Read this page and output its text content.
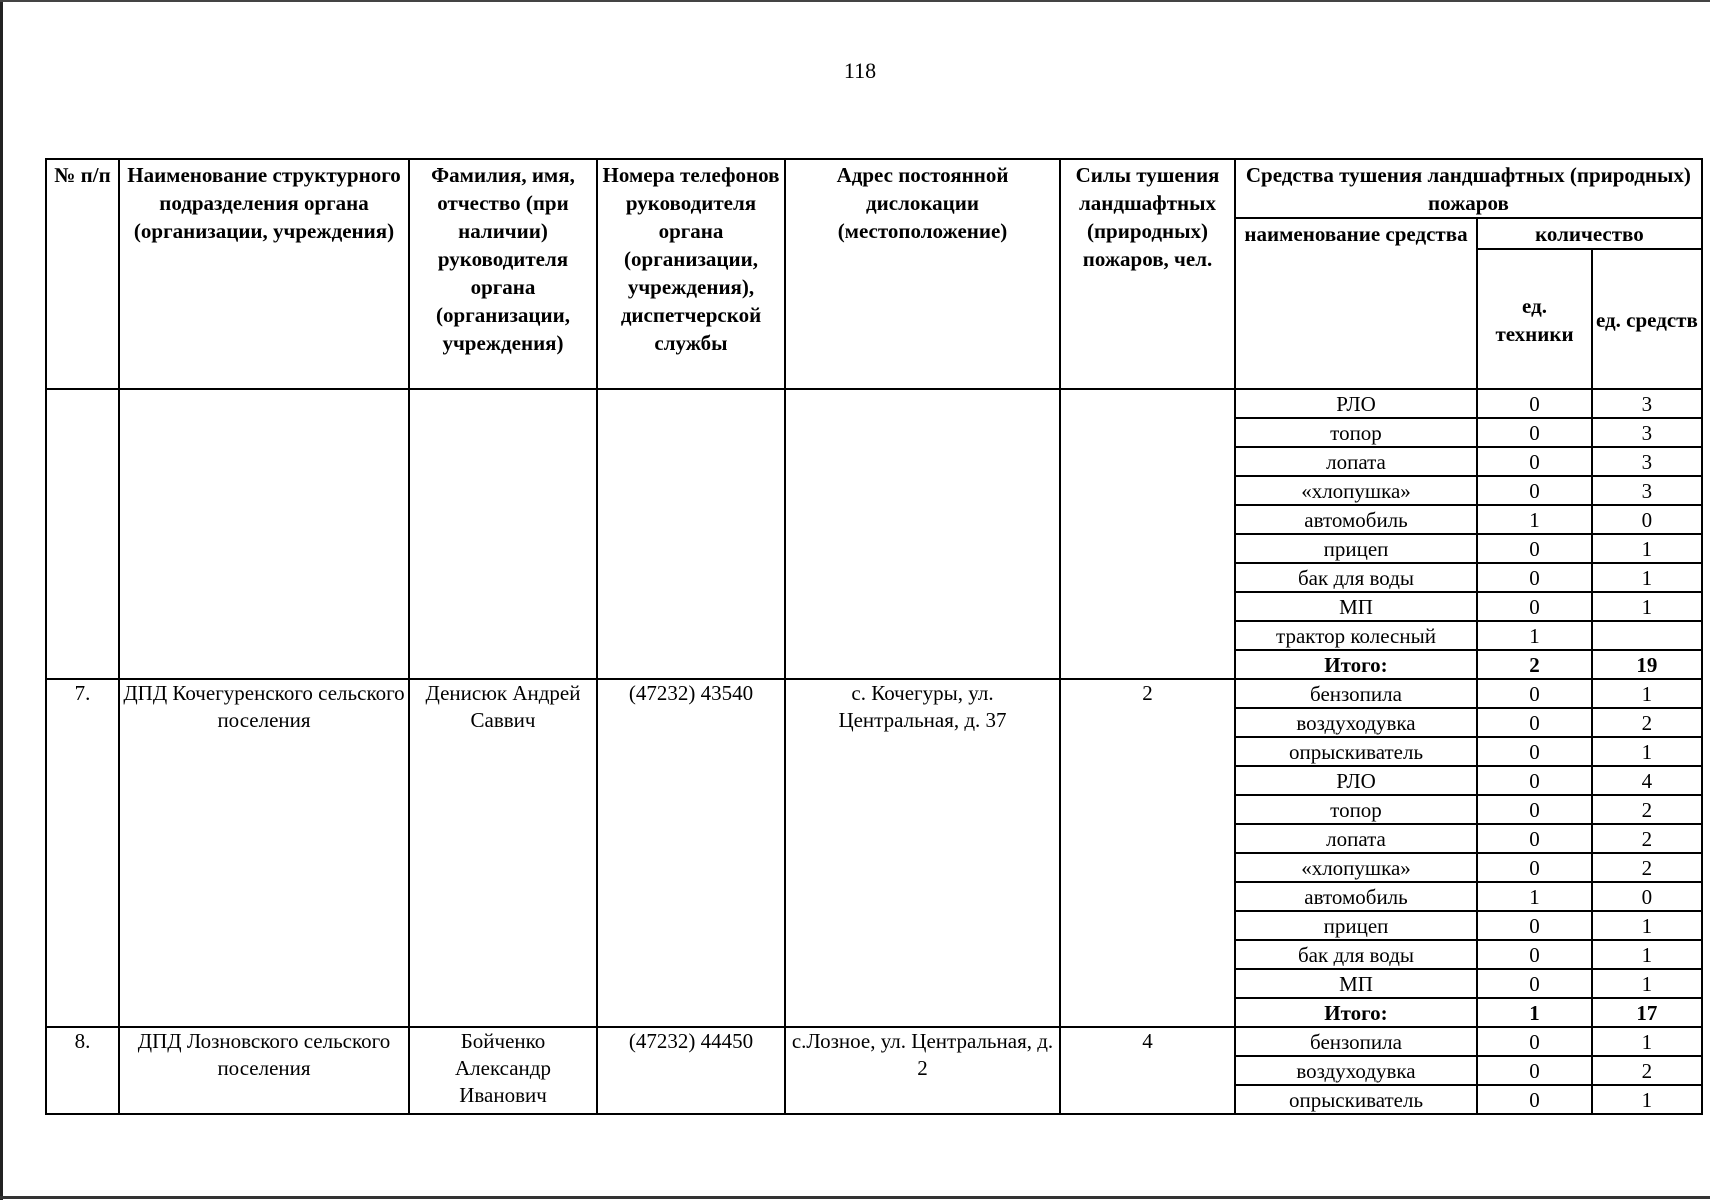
118
№ п/п	Наименование структурного подразделения органа (организации, учреждения)	Фамилия, имя, отчество (при наличии) руководителя органа (организации, учреждения)	Номера телефонов руководителя органа (организации, учреждения), диспетчерской службы	Адрес постоянной дислокации (местоположение)	Силы тушения ландшафтных (природных) пожаров, чел.	Средства тушения ландшафтных (природных) пожаров		
						наименование средства	количество	
							ед. техники	ед. средств
						РЛО	0	3
						топор	0	3
						лопата	0	3
						«хлопушка»	0	3
						автомобиль	1	0
						прицеп	0	1
						бак для воды	0	1
						МП	0	1
						трактор колесный	1	
						Итого:	2	19
7.	ДПД Кочегуренского сельского поселения	Денисюк Андрей Саввич	(47232) 43540	с. Кочегуры, ул. Центральная, д. 37	2	бензопила	0	1
						воздуходувка	0	2
						опрыскиватель	0	1
						РЛО	0	4
						топор	0	2
						лопата	0	2
						«хлопушка»	0	2
						автомобиль	1	0
						прицеп	0	1
						бак для воды	0	1
						МП	0	1
						Итого:	1	17
8.	ДПД Лозновского сельского поселения	Бойченко Александр Иванович	(47232) 44450	с.Лозное, ул. Центральная, д. 2	4	бензопила	0	1
						воздуходувка	0	2
						опрыскиватель	0	1
